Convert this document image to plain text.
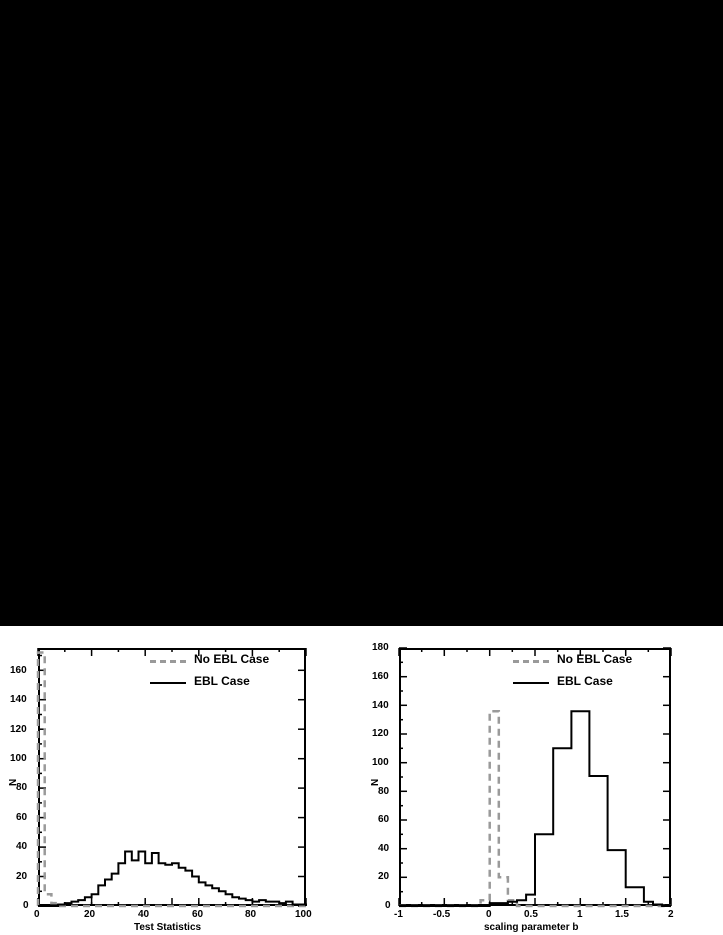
0
20
40
60
80
100
120
140
160
0	20	40	60	80	100
Test Statistics
N
No EBL Case
EBL Case
0
20
40
60
80
100
120
140
160
180
-1	-0.5	0	0.5	1	1.5	2
scaling parameter b
N
No EBL Case
EBL Case
